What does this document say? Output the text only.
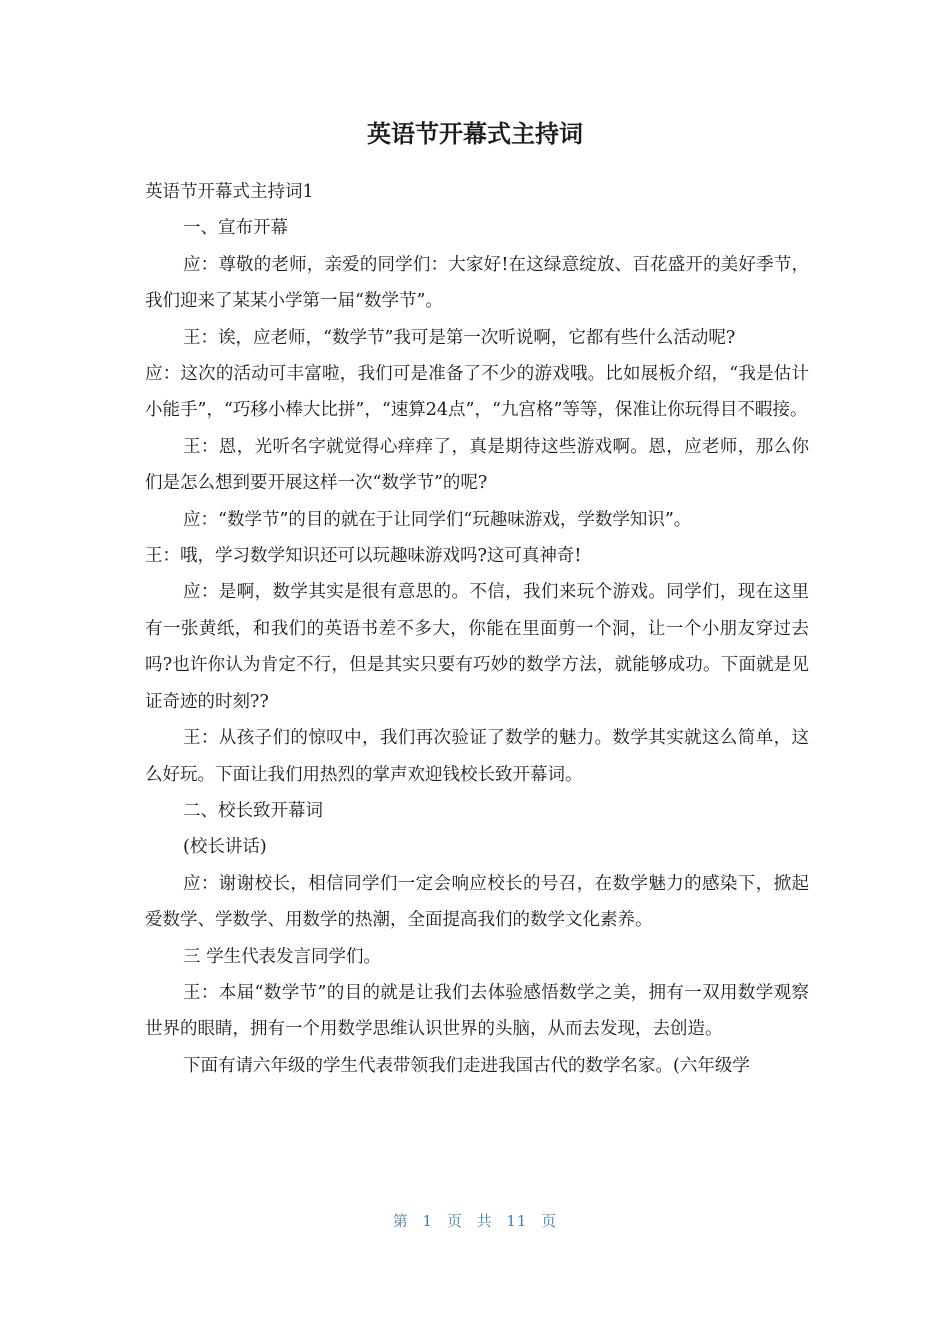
英语节开幕式主持词

英语节开幕式主持词1

一、宣布开幕

应：尊敬的老师，亲爱的同学们：大家好!在这绿意绽放、百花盛开的美好季节，我们迎来了某某小学第一届“数学节”。

王：诶，应老师，“数学节”我可是第一次听说啊，它都有些什么活动呢?

应：这次的活动可丰富啦，我们可是准备了不少的游戏哦。比如展板介绍，“我是估计小能手”，“巧移小棒大比拼”，“速算24点”，“九宫格”等等，保准让你玩得目不暇接。

王：恩，光听名字就觉得心痒痒了，真是期待这些游戏啊。恩，应老师，那么你们是怎么想到要开展这样一次“数学节”的呢?

应：“数学节”的目的就在于让同学们“玩趣味游戏，学数学知识”。

王：哦，学习数学知识还可以玩趣味游戏吗?这可真神奇!

应：是啊，数学其实是很有意思的。不信，我们来玩个游戏。同学们，现在这里有一张黄纸，和我们的英语书差不多大，你能在里面剪一个洞，让一个小朋友穿过去吗?也许你认为肯定不行，但是其实只要有巧妙的数学方法，就能够成功。下面就是见证奇迹的时刻??

王：从孩子们的惊叹中，我们再次验证了数学的魅力。数学其实就这么简单，这么好玩。下面让我们用热烈的掌声欢迎钱校长致开幕词。

二、校长致开幕词

(校长讲话)

应：谢谢校长，相信同学们一定会响应校长的号召，在数学魅力的感染下，掀起爱数学、学数学、用数学的热潮，全面提高我们的数学文化素养。

三 学生代表发言同学们。

王：本届“数学节”的目的就是让我们去体验感悟数学之美，拥有一双用数学观察世界的眼睛，拥有一个用数学思维认识世界的头脑，从而去发现，去创造。

下面有请六年级的学生代表带领我们走进我国古代的数学名家。(六年级学

第 1 页 共 11 页
